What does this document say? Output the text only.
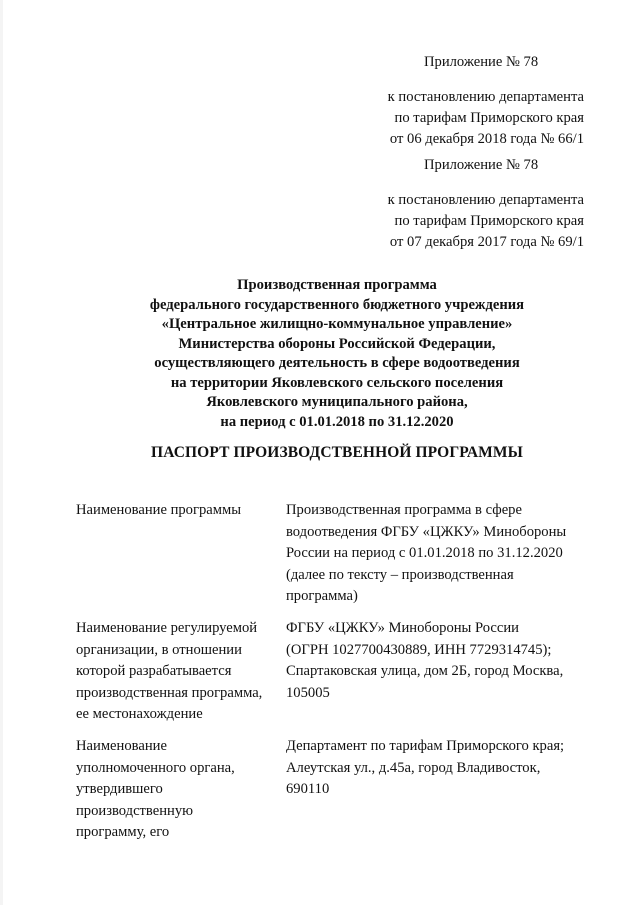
Приложение № 78
к постановлению департамента
по тарифам Приморского края
от 06 декабря 2018 года № 66/1
Приложение № 78
к постановлению департамента
по тарифам Приморского края
от 07 декабря 2017 года № 69/1
Производственная программа
федерального государственного бюджетного учреждения
«Центральное жилищно-коммунальное управление»
Министерства обороны Российской Федерации,
осуществляющего деятельность в сфере водоотведения
на территории Яковлевского сельского поселения
Яковлевского муниципального района,
на период с 01.01.2018 по 31.12.2020
ПАСПОРТ ПРОИЗВОДСТВЕННОЙ ПРОГРАММЫ
Наименование программы	Производственная программа в сфере
водоотведения ФГБУ «ЦЖКУ» Минобороны
России на период с 01.01.2018 по 31.12.2020
(далее по тексту – производственная
программа)
Наименование регулируемой
организации, в отношении
которой разрабатывается
производственная программа,
ее местонахождение
ФГБУ «ЦЖКУ» Минобороны России
(ОГРН 1027700430889, ИНН 7729314745);
Спартаковская улица, дом 2Б, город Москва,
105005
Наименование
уполномоченного органа,
утвердившего
производственную
программу, его
Департамент по тарифам Приморского края;
Алеутская ул., д.45а, город Владивосток,
690110
